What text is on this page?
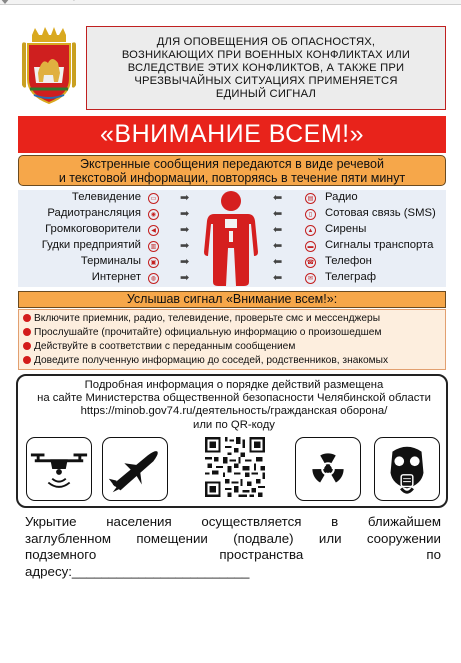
ДЛЯ ОПОВЕЩЕНИЯ ОБ ОПАСНОСТЯХ,
ВОЗНИКАЮЩИХ ПРИ ВОЕННЫХ КОНФЛИКТАХ ИЛИ
ВСЛЕДСТВИЕ ЭТИХ КОНФЛИКТОВ, А ТАКЖЕ ПРИ
ЧРЕЗВЫЧАЙНЫХ СИТУАЦИЯХ ПРИМЕНЯЕТСЯ
ЕДИНЫЙ СИГНАЛ
«ВНИМАНИЕ ВСЕМ!»
Экстренные сообщения передаются в виде речевой
и текстовой информации, повторяясь в течение пяти минут
Телевидение	▭ ➡	⬅	▤ Радио
Радиотрансляция	◉ ➡	⬅	▯	Сотовая связь (SMS)
Громкоговорители	◀ ➡	⬅	▲ Сирены
Гудки предприятий	▥ ➡	⬅	▬ Сигналы транспорта
Терминалы	▣ ➡	⬅	☎ Телефон
Интернет	◍ ➡	⬅	✉ Телеграф
Услышав сигнал «Внимание всем!»:
Включите приемник, радио, телевидение, проверьте смс и мессенджеры
Прослушайте (прочитайте) официальную информацию о произошедшем
Действуйте в соответствии с переданным сообщением
Доведите полученную информацию до соседей, родственников, знакомых
Подробная информация о порядке действий размещена
на сайте Министерства общественной безопасности Челябинской области
https://minob.gov74.ru/деятельность/гражданская оборона/
или по QR-коду
Укрытие населения осуществляется в ближайшем
заглубленном помещении (подвале) или сооружении
подземного пространства по
адресу:________________________
